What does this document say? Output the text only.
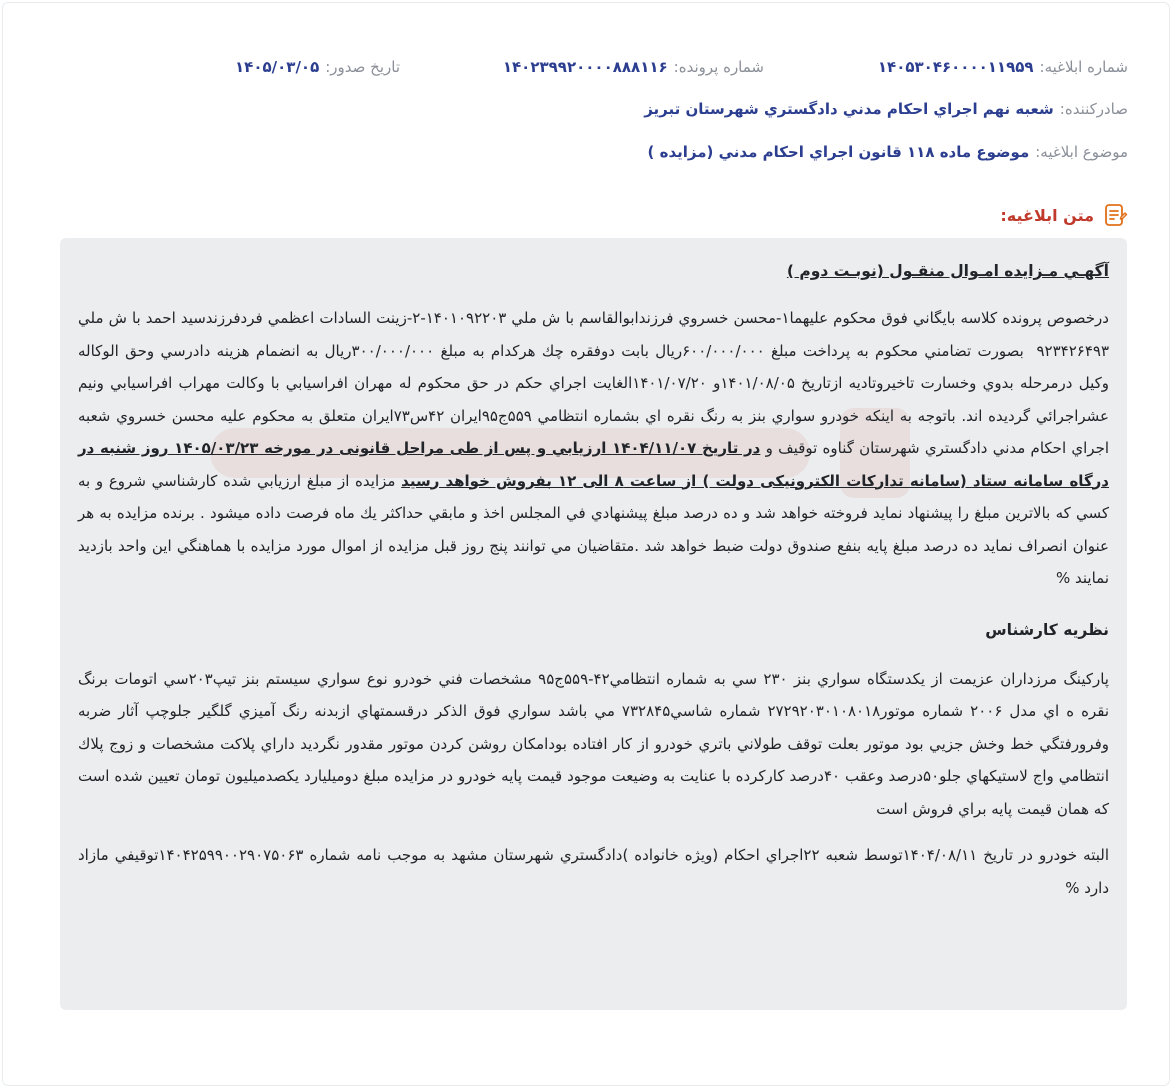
شماره ابلاغیه:
۱۴۰۵۳۰۴۶۰۰۰۰۱۱۹۵۹
شماره پرونده:
۱۴۰۲۳۹۹۲۰۰۰۰۸۸۸۱۱۶
تاریخ صدور:
۱۴۰۵/۰۳/۰۵
صادرکننده:
شعبه نهم اجراي احكام مدني دادگستري شهرستان تبريز
موضوع ابلاغیه:
موضوع ماده ۱۱۸ قانون اجراي احكام مدني (مزايده )
متن ابلاغیه:

آگهـي مـزايده امـوال منقـول (نوبـت دوم )

درخصوص پرونده كلاسه بايگاني فوق محكوم عليهما۱-محسن خسروي فرزندابوالقاسم با ش ملي ۱۴۰۱‍۰۹۲۲۰۳-۲-زينت السادات اعظمي فردفرزندسيد احمد با ش ملي ۹۲۳۴۲۶۴۹۳ ‍ بصورت تضامني محكوم به پرداخت مبلغ ۶۰۰/۰۰۰/۰۰۰ريال بابت دوفقره چك هركدام به مبلغ ۳۰۰/۰۰۰/۰۰۰ريال به انضمام هزينه دادرسي وحق الوكاله وكيل درمرحله بدوي وخسارت تاخيروتاديه ازتاريخ ۱۴۰۱/۰۸/۰۵و ۱۴۰۱/۰۷/۲۰الغايت اجراي حكم در حق محكوم له مهران افراسيابي با وكالت مهراب افراسيابي ونيم عشراجرائي گرديده اند. باتوجه به اينكه خودرو سواري بنز به رنگ نقره اي بشماره انتظامي ۵۵۹ج۹۵ايران ۴۲س۷۳ايران متعلق به محكوم عليه محسن خسروي شعبه اجراي احكام مدني دادگستري شهرستان گناوه توقيف و در تاريخ ۱۴۰۴/۱۱/۰۷ ارزيابي و پس از طی مراحل قانونی در مورخه ۱۴۰۵/۰۳/۲۳ روز شنبه در درگاه سامانه ستاد (سامانه تدارکات الکترونیکی دولت ) از ساعت ۸ الی ۱۲ بفروش خواهد رسيد مزايده از مبلغ ارزيابي شده كارشناسي شروع و به كسي كه بالاترين مبلغ را پيشنهاد نمايد فروخته خواهد شد و ده درصد مبلغ پيشنهادي في المجلس اخذ و مابقي حداكثر يك ماه فرصت داده ميشود . برنده مزايده به هر عنوان انصراف نمايد ده درصد مبلغ پايه بنفع صندوق دولت ضبط خواهد شد .متقاضيان مي توانند پنج روز قبل مزايده از اموال مورد مزايده با هماهنگي اين واحد بازديد نمايند %

نظريه كارشناس

پاركينگ مرزداران عزيمت از يكدستگاه سواري بنز ۲۳۰ سي به شماره انتظامي۴۲-۵۵۹ج۹۵ مشخصات فني خودرو نوع سواري سيستم بنز تيپ۲۰۳سي اتومات برنگ نقره ه اي مدل ۲۰۰۶ شماره موتور۲۷۲۹۲۰۳۰۱۰۸۰۱۸ شماره شاسي۷۳۲۸۴۵ مي باشد سواري فوق الذكر درقسمتهاي ازبدنه رنگ آميزي گلگير جلوچپ آثار ضربه وفرورفتگي خط وخش جزيي بود موتور بعلت توقف طولاني باتري خودرو از كار افتاده بودامكان روشن كردن موتور مقدور نگرديد داراي پلاكت مشخصات و زوج پلاك انتظامي واج لاستيكهاي جلو۵۰درصد وعقب ۴۰درصد كاركرده با عنايت به وضيعت موجود قيمت پايه خودرو در مزايده مبلغ دوميليارد يكصدميليون تومان تعيين شده است كه همان قيمت پايه براي فروش است

البته خودرو در تاريخ ۱۴۰۴/۰۸/۱۱توسط شعبه ۲۲اجراي احكام (ويژه خانواده )دادگستري شهرستان مشهد به موجب نامه شماره ۱۴۰۴۲۵۹۹۰۰۲۹۰۷۵۰۶۳توقيفي مازاد دارد %
